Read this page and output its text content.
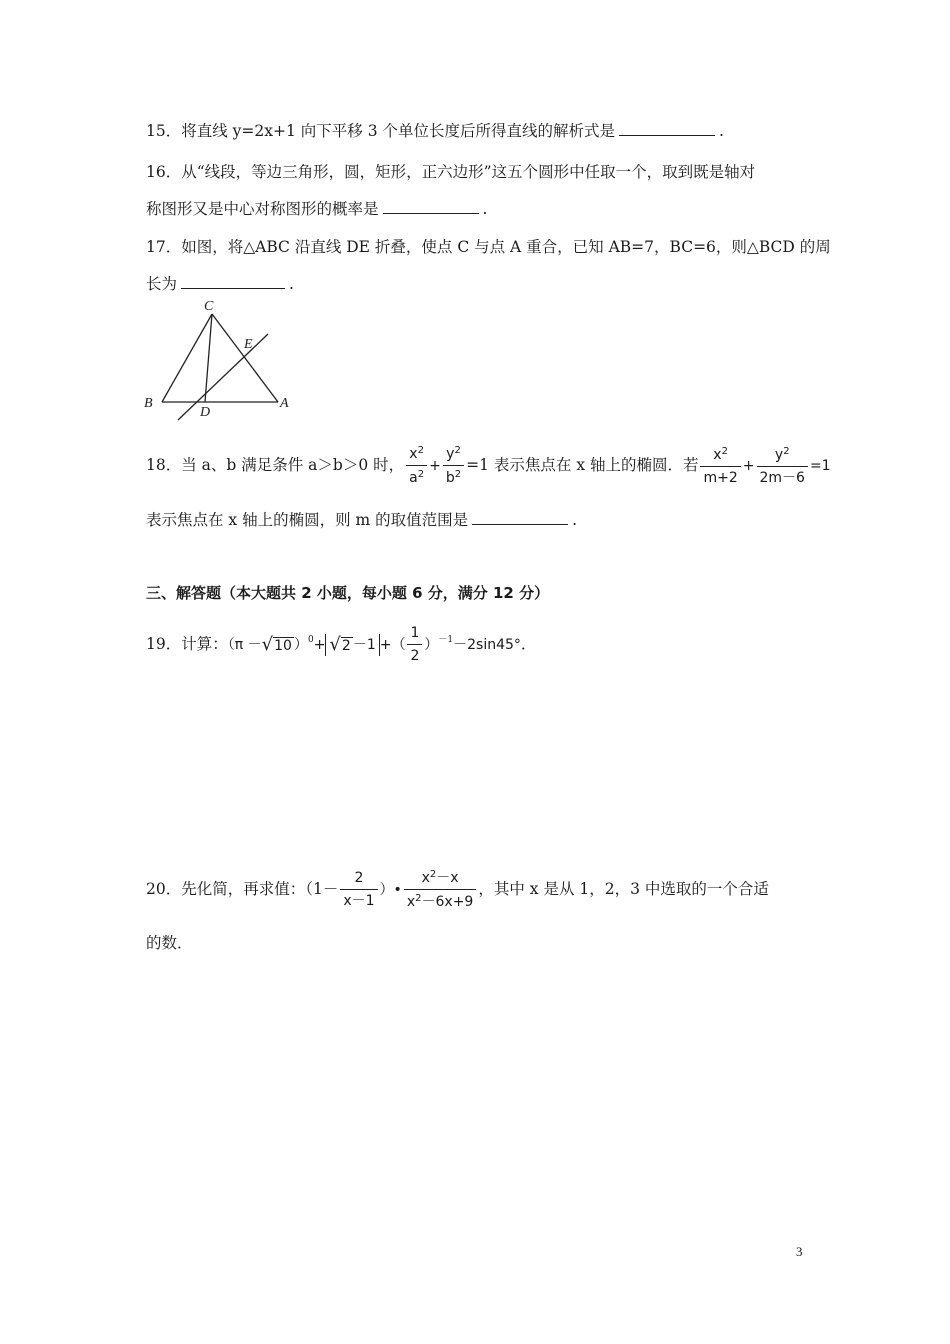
15．将直线 y=2x+1 向下平移 3 个单位长度后所得直线的解析式是	.
16．从“线段，等边三角形，圆，矩形，正六边形”这五个圆形中任取一个，取到既是轴对
称图形又是中心对称图形的概率是	.
17．如图，将△ABC 沿直线 DE 折叠，使点 C 与点 A 重合，已知 AB=7，BC=6，则△BCD 的周
长为	.
C
E
B
D
A
18．当 a、b 满足条件 a＞b＞0 时， $\frac{x^2}{a^2} + \frac{y^2}{b^2} =1$ 表示焦点在 x 轴上的椭圆．若 $\frac{x^2}{m+2} + \frac{y^2}{2m-6} =1$
表示焦点在 x 轴上的椭圆，则 m 的取值范围是	.
三、解答题（本大题共 2 小题，每小题 6 分，满分 12 分）
19．计算：（π － √ 10 ）$^0$+ √ 2 －1 +（ $\frac{1}{2} )^{-1}-2\sin 45^\circ$．
20．先化简，再求值：（$1- \frac{2}{x-1}$ ）• $\frac{x^2-x}{x^2-6x+9}$ ，其中 x 是从 1，2，3 中选取的一个合适
的数．
3
